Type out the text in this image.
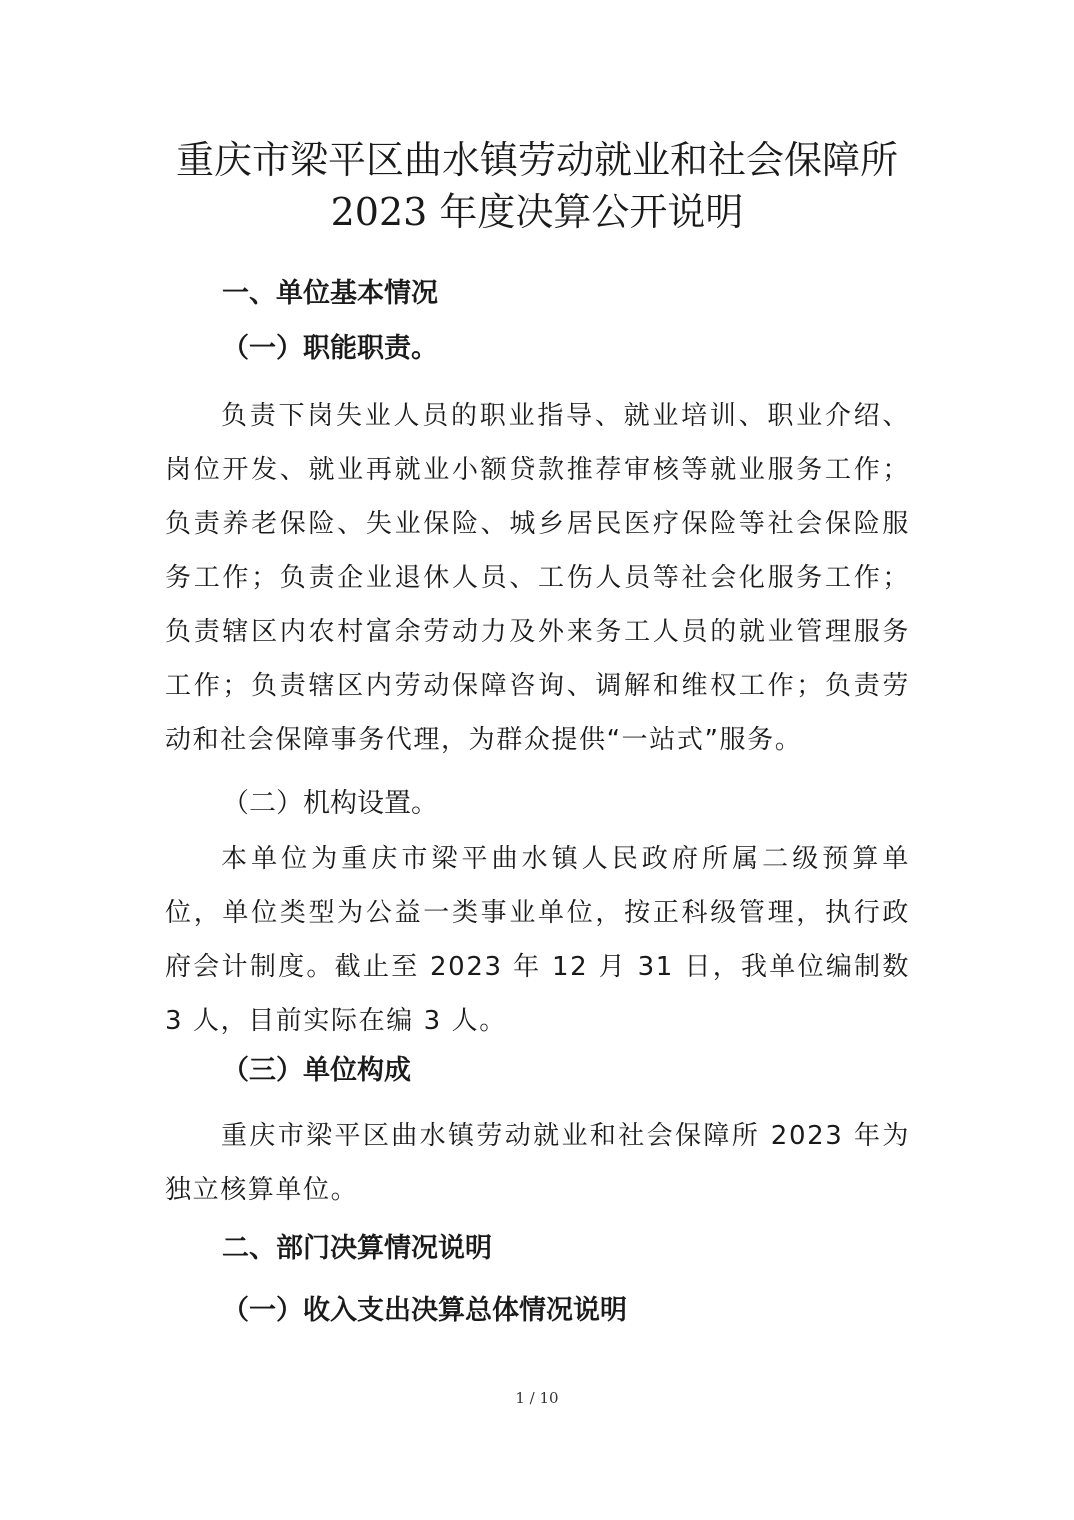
重庆市梁平区曲水镇劳动就业和社会保障所
2023 年度决算公开说明
一、单位基本情况
（一）职能职责。

负责下岗失业人员的职业指导、就业培训、职业介绍、岗位开发、就业再就业小额贷款推荐审核等就业服务工作；负责养老保险、失业保险、城乡居民医疗保险等社会保险服务工作；负责企业退休人员、工伤人员等社会化服务工作；负责辖区内农村富余劳动力及外来务工人员的就业管理服务工作；负责辖区内劳动保障咨询、调解和维权工作；负责劳动和社会保障事务代理，为群众提供“一站式”服务。

（二）机构设置。

本单位为重庆市梁平曲水镇人民政府所属二级预算单位，单位类型为公益一类事业单位，按正科级管理，执行政府会计制度。截止至 2023 年 12 月 31 日，我单位编制数 3 人，目前实际在编 3 人。

（三）单位构成

重庆市梁平区曲水镇劳动就业和社会保障所 2023 年为独立核算单位。

二、部门决算情况说明
（一）收入支出决算总体情况说明

1 / 10
